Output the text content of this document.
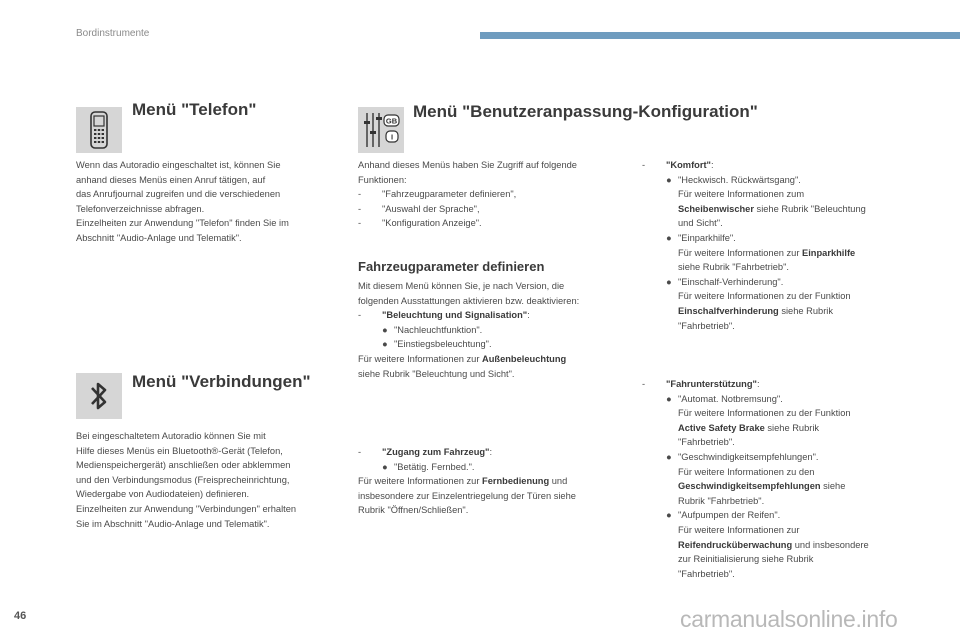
Bordinstrumente
Menü "Telefon"
Wenn das Autoradio eingeschaltet ist, können Sie
anhand dieses Menüs einen Anruf tätigen, auf
das Anrufjournal zugreifen und die verschiedenen
Telefonverzeichnisse abfragen.
Einzelheiten zur Anwendung "Telefon" finden Sie im
Abschnitt "Audio-Anlage und Telematik".
Menü "Verbindungen"
Bei eingeschaltetem Autoradio können Sie mit
Hilfe dieses Menüs ein Bluetooth®-Gerät (Telefon,
Medienspeichergerät) anschließen oder abklemmen
und den Verbindungsmodus (Freisprecheinrichtung,
Wiedergabe von Audiodateien) definieren.
Einzelheiten zur Anwendung "Verbindungen" erhalten
Sie im Abschnitt "Audio-Anlage und Telematik".
GB
I
Menü "Benutzeranpassung-Konfiguration"
Anhand dieses Menüs haben Sie Zugriff auf folgende
Funktionen:
- "Fahrzeugparameter definieren",
- "Auswahl der Sprache",
- "Konfiguration Anzeige".
Fahrzeugparameter definieren
Mit diesem Menü können Sie, je nach Version, die
folgenden Ausstattungen aktivieren bzw. deaktivieren:
- "Beleuchtung und Signalisation":
● "Nachleuchtfunktion".
● "Einstiegsbeleuchtung".
Für weitere Informationen zur Außenbeleuchtung
siehe Rubrik "Beleuchtung und Sicht".
- "Zugang zum Fahrzeug":
● "Betätig. Fernbed.".
Für weitere Informationen zur Fernbedienung und
insbesondere zur Einzelentriegelung der Türen siehe
Rubrik "Öffnen/Schließen".
- "Komfort":
● "Heckwisch. Rückwärtsgang".
Für weitere Informationen zum
Scheibenwischer siehe Rubrik "Beleuchtung
und Sicht".
● "Einparkhilfe".
Für weitere Informationen zur Einparkhilfe
siehe Rubrik "Fahrbetrieb".
● "Einschalf-Verhinderung".
Für weitere Informationen zu der Funktion
Einschalfverhinderung siehe Rubrik
"Fahrbetrieb".
- "Fahrunterstützung":
● "Automat. Notbremsung".
Für weitere Informationen zu der Funktion
Active Safety Brake siehe Rubrik
"Fahrbetrieb".
● "Geschwindigkeitsempfehlungen".
Für weitere Informationen zu den
Geschwindigkeitsempfehlungen siehe
Rubrik "Fahrbetrieb".
● "Aufpumpen der Reifen".
Für weitere Informationen zur
Reifendrucküberwachung und insbesondere
zur Reinitialisierung siehe Rubrik
"Fahrbetrieb".
46	carmanualsonline.info
